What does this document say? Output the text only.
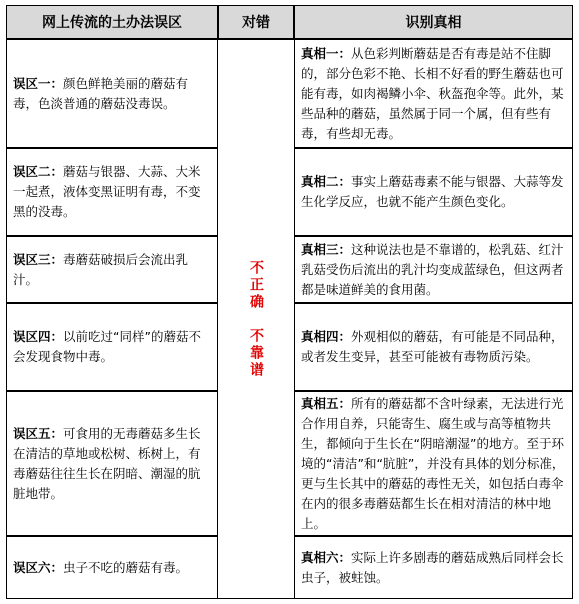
网上传流的土办法误区	对错	识别真相
不正确　不靠谱
误区一：颜色鲜艳美丽的蘑菇有毒，色淡普通的蘑菇没毒误。
真相一：从色彩判断蘑菇是否有毒是站不住脚的，部分色彩不艳、长相不好看的野生蘑菇也可能有毒，如肉褐鳞小伞、秋盔孢伞等。此外，某些品种的蘑菇，虽然属于同一个属，但有些有毒，有些却无毒。
误区二：蘑菇与银器、大蒜、大米一起煮，液体变黑证明有毒，不变黑的没毒。
真相二：事实上蘑菇毒素不能与银器、大蒜等发生化学反应，也就不能产生颜色变化。
误区三：毒蘑菇破损后会流出乳汁。
真相三：这种说法也是不靠谱的，松乳菇、红汁乳菇受伤后流出的乳汁均变成蓝绿色，但这两者都是味道鲜美的食用菌。
误区四：以前吃过“同样”的蘑菇不会发现食物中毒。
真相四：外观相似的蘑菇，有可能是不同品种，或者发生变异，甚至可能被有毒物质污染。
误区五：可食用的无毒蘑菇多生长在清洁的草地或松树、栎树上，有毒蘑菇往往生长在阴暗、潮湿的肮脏地带。
真相五：所有的蘑菇都不含叶绿素，无法进行光合作用自养，只能寄生、腐生或与高等植物共生，都倾向于生长在“阴暗潮湿”的地方。至于环境的“清洁”和“肮脏”，并没有具体的划分标准，更与生长其中的蘑菇的毒性无关，如包括白毒伞在内的很多毒蘑菇都生长在相对清洁的林中地上。
误区六：虫子不吃的蘑菇有毒。
真相六：实际上许多剧毒的蘑菇成熟后同样会长虫子，被蛀蚀。
